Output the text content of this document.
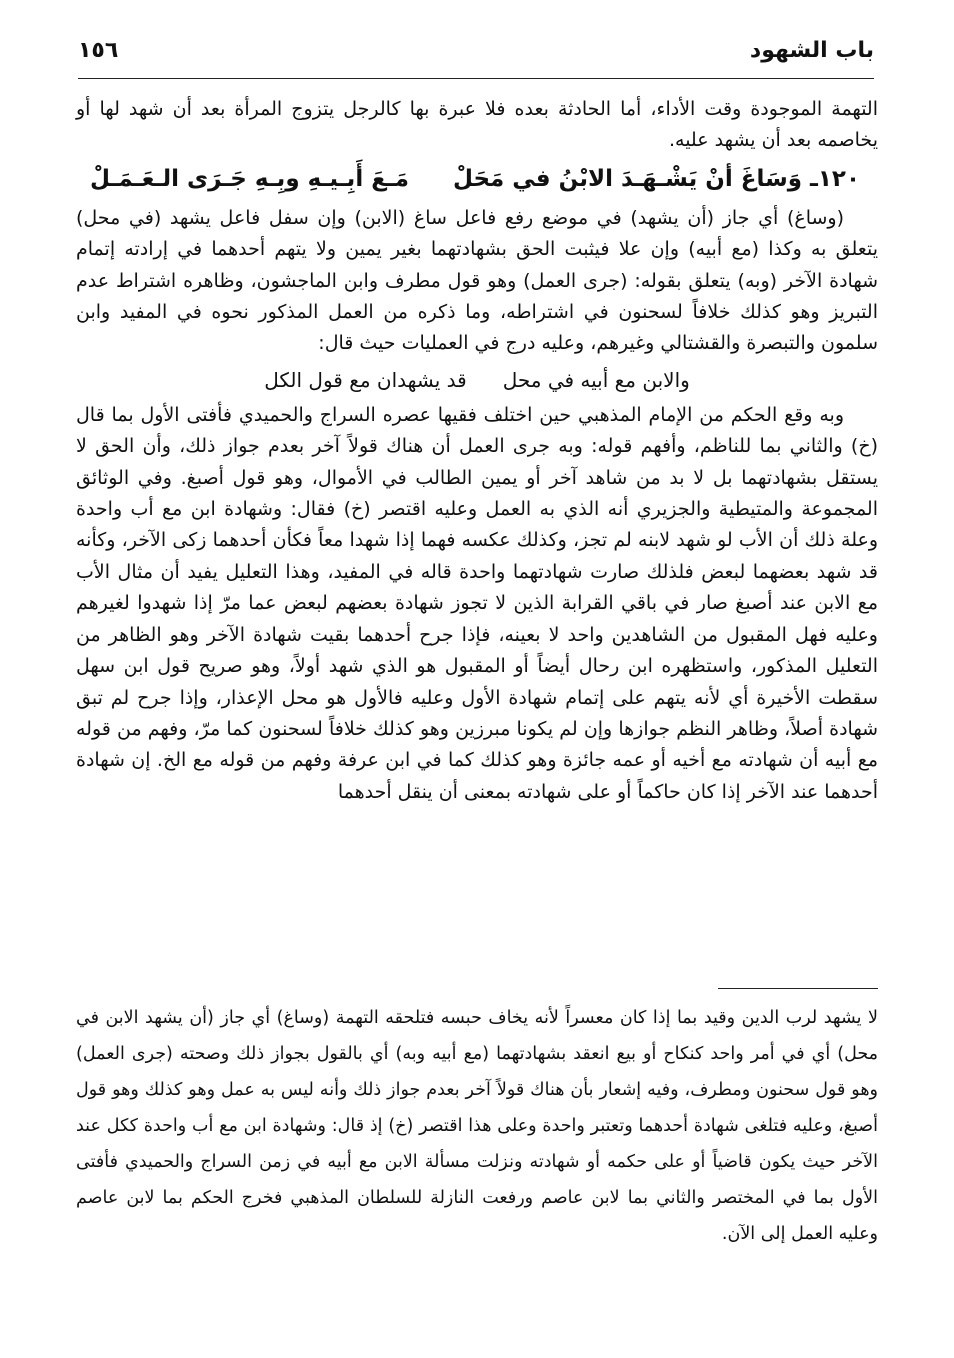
باب الشهود
١٥٦

التهمة الموجودة وقت الأداء، أما الحادثة بعده فلا عبرة بها كالرجل يتزوج المرأة بعد أن شهد لها أو يخاصمه بعد أن يشهد عليه.

١٢٠ـ وَسَاغَ أنْ يَشْـهَـدَ الابْنُ في مَحَلْ
مَـعَ أَبِـيـهِ وبِـهِ جَـرَى الـعَـمَـلْ

(وساغ) أي جاز (أن يشهد) في موضع رفع فاعل ساغ (الابن) وإن سفل فاعل يشهد (في محل) يتعلق به وكذا (مع أبيه) وإن علا فيثبت الحق بشهادتهما بغير يمين ولا يتهم أحدهما في إرادته إتمام شهادة الآخر (وبه) يتعلق بقوله: (جرى العمل) وهو قول مطرف وابن الماجشون، وظاهره اشتراط عدم التبريز وهو كذلك خلافاً لسحنون في اشتراطه، وما ذكره من العمل المذكور نحوه في المفيد وابن سلمون والتبصرة والقشتالي وغيرهم، وعليه درج في العمليات حيث قال:

والابن مع أبيه في محل
قد يشهدان مع قول الكل

وبه وقع الحكم من الإمام المذهبي حين اختلف فقيها عصره السراج والحميدي فأفتى الأول بما قال (خ) والثاني بما للناظم، وأفهم قوله: وبه جرى العمل أن هناك قولاً آخر بعدم جواز ذلك، وأن الحق لا يستقل بشهادتهما بل لا بد من شاهد آخر أو يمين الطالب في الأموال، وهو قول أصبغ. وفي الوثائق المجموعة والمتيطية والجزيري أنه الذي به العمل وعليه اقتصر (خ) فقال: وشهادة ابن مع أب واحدة وعلة ذلك أن الأب لو شهد لابنه لم تجز، وكذلك عكسه فهما إذا شهدا معاً فكأن أحدهما زكى الآخر، وكأنه قد شهد بعضهما لبعض فلذلك صارت شهادتهما واحدة قاله في المفيد، وهذا التعليل يفيد أن مثال الأب مع الابن عند أصبغ صار في باقي القرابة الذين لا تجوز شهادة بعضهم لبعض عما مرّ إذا شهدوا لغيرهم وعليه فهل المقبول من الشاهدين واحد لا بعينه، فإذا جرح أحدهما بقيت شهادة الآخر وهو الظاهر من التعليل المذكور، واستظهره ابن رحال أيضاً أو المقبول هو الذي شهد أولاً، وهو صريح قول ابن سهل سقطت الأخيرة أي لأنه يتهم على إتمام شهادة الأول وعليه فالأول هو محل الإعذار، وإذا جرح لم تبق شهادة أصلاً، وظاهر النظم جوازها وإن لم يكونا مبرزين وهو كذلك خلافاً لسحنون كما مرّ، وفهم من قوله مع أبيه أن شهادته مع أخيه أو عمه جائزة وهو كذلك كما في ابن عرفة وفهم من قوله مع الخ. إن شهادة أحدهما عند الآخر إذا كان حاكماً أو على شهادته بمعنى أن ينقل أحدهما

لا يشهد لرب الدين وقيد بما إذا كان معسراً لأنه يخاف حبسه فتلحقه التهمة (وساغ) أي جاز (أن يشهد الابن في محل) أي في أمر واحد كنكاح أو بيع انعقد بشهادتهما (مع أبيه وبه) أي بالقول بجواز ذلك وصحته (جرى العمل) وهو قول سحنون ومطرف، وفيه إشعار بأن هناك قولاً آخر بعدم جواز ذلك وأنه ليس به عمل وهو كذلك وهو قول أصبغ، وعليه فتلغى شهادة أحدهما وتعتبر واحدة وعلى هذا اقتصر (خ) إذ قال: وشهادة ابن مع أب واحدة ككل عند الآخر حيث يكون قاضياً أو على حكمه أو شهادته ونزلت مسألة الابن مع أبيه في زمن السراج والحميدي فأفتى الأول بما في المختصر والثاني بما لابن عاصم ورفعت النازلة للسلطان المذهبي فخرج الحكم بما لابن عاصم وعليه العمل إلى الآن.
